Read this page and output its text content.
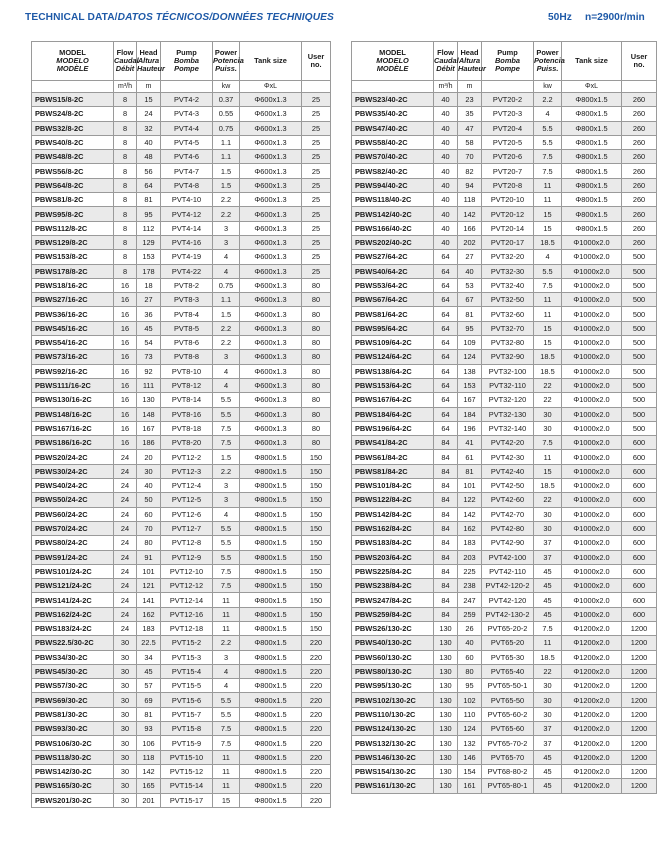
TECHNICAL DATA/DATOS TÉCNICOS/DONNÉES TECHNIQUES	50Hz n=2900r/min
MODEL
MODELO
MODÈLE	Flow
Caudal
Débit	Head
Altura
Hauteur	Pump
Bomba
Pompe	Power
Potencia
Puiss.	Tank size	User
no.

	m³/h	m		kw	ΦxL	
PBWS15/8-2C	8	15	PVT4-2	0.37	Φ600x1.3	25
PBWS24/8-2C	8	24	PVT4-3	0.55	Φ600x1.3	25
PBWS32/8-2C	8	32	PVT4-4	0.75	Φ600x1.3	25
PBWS40/8-2C	8	40	PVT4-5	1.1	Φ600x1.3	25
PBWS48/8-2C	8	48	PVT4-6	1.1	Φ600x1.3	25
PBWS56/8-2C	8	56	PVT4-7	1.5	Φ600x1.3	25
PBWS64/8-2C	8	64	PVT4-8	1.5	Φ600x1.3	25
PBWS81/8-2C	8	81	PVT4-10	2.2	Φ600x1.3	25
PBWS95/8-2C	8	95	PVT4-12	2.2	Φ600x1.3	25
PBWS112/8-2C	8	112	PVT4-14	3	Φ600x1.3	25
PBWS129/8-2C	8	129	PVT4-16	3	Φ600x1.3	25
PBWS153/8-2C	8	153	PVT4-19	4	Φ600x1.3	25
PBWS178/8-2C	8	178	PVT4-22	4	Φ600x1.3	25
PBWS18/16-2C	16	18	PVT8-2	0.75	Φ600x1.3	80
PBWS27/16-2C	16	27	PVT8-3	1.1	Φ600x1.3	80
PBWS36/16-2C	16	36	PVT8-4	1.5	Φ600x1.3	80
PBWS45/16-2C	16	45	PVT8-5	2.2	Φ600x1.3	80
PBWS54/16-2C	16	54	PVT8-6	2.2	Φ600x1.3	80
PBWS73/16-2C	16	73	PVT8-8	3	Φ600x1.3	80
PBWS92/16-2C	16	92	PVT8-10	4	Φ600x1.3	80
PBWS111/16-2C	16	111	PVT8-12	4	Φ600x1.3	80
PBWS130/16-2C	16	130	PVT8-14	5.5	Φ600x1.3	80
PBWS148/16-2C	16	148	PVT8-16	5.5	Φ600x1.3	80
PBWS167/16-2C	16	167	PVT8-18	7.5	Φ600x1.3	80
PBWS186/16-2C	16	186	PVT8-20	7.5	Φ600x1.3	80
PBWS20/24-2C	24	20	PVT12-2	1.5	Φ800x1.5	150
PBWS30/24-2C	24	30	PVT12-3	2.2	Φ800x1.5	150
PBWS40/24-2C	24	40	PVT12-4	3	Φ800x1.5	150
PBWS50/24-2C	24	50	PVT12-5	3	Φ800x1.5	150
PBWS60/24-2C	24	60	PVT12-6	4	Φ800x1.5	150
PBWS70/24-2C	24	70	PVT12-7	5.5	Φ800x1.5	150
PBWS80/24-2C	24	80	PVT12-8	5.5	Φ800x1.5	150
PBWS91/24-2C	24	91	PVT12-9	5.5	Φ800x1.5	150
PBWS101/24-2C	24	101	PVT12-10	7.5	Φ800x1.5	150
PBWS121/24-2C	24	121	PVT12-12	7.5	Φ800x1.5	150
PBWS141/24-2C	24	141	PVT12-14	11	Φ800x1.5	150
PBWS162/24-2C	24	162	PVT12-16	11	Φ800x1.5	150
PBWS183/24-2C	24	183	PVT12-18	11	Φ800x1.5	150
PBWS22.5/30-2C	30	22.5	PVT15-2	2.2	Φ800x1.5	220
PBWS34/30-2C	30	34	PVT15-3	3	Φ800x1.5	220
PBWS45/30-2C	30	45	PVT15-4	4	Φ800x1.5	220
PBWS57/30-2C	30	57	PVT15-5	4	Φ800x1.5	220
PBWS69/30-2C	30	69	PVT15-6	5.5	Φ800x1.5	220
PBWS81/30-2C	30	81	PVT15-7	5.5	Φ800x1.5	220
PBWS93/30-2C	30	93	PVT15-8	7.5	Φ800x1.5	220
PBWS106/30-2C	30	106	PVT15-9	7.5	Φ800x1.5	220
PBWS118/30-2C	30	118	PVT15-10	11	Φ800x1.5	220
PBWS142/30-2C	30	142	PVT15-12	11	Φ800x1.5	220
PBWS165/30-2C	30	165	PVT15-14	11	Φ800x1.5	220
PBWS201/30-2C	30	201	PVT15-17	15	Φ800x1.5	220
MODEL
MODELO
MODÈLE	Flow
Caudal
Débit	Head
Altura
Hauteur	Pump
Bomba
Pompe	Power
Potencia
Puiss.	Tank size	User
no.

	m³/h	m		kw	ΦxL	
PBWS23/40-2C	40	23	PVT20-2	2.2	Φ800x1.5	260
PBWS35/40-2C	40	35	PVT20-3	4	Φ800x1.5	260
PBWS47/40-2C	40	47	PVT20-4	5.5	Φ800x1.5	260
PBWS58/40-2C	40	58	PVT20-5	5.5	Φ800x1.5	260
PBWS70/40-2C	40	70	PVT20-6	7.5	Φ800x1.5	260
PBWS82/40-2C	40	82	PVT20-7	7.5	Φ800x1.5	260
PBWS94/40-2C	40	94	PVT20-8	11	Φ800x1.5	260
PBWS118/40-2C	40	118	PVT20-10	11	Φ800x1.5	260
PBWS142/40-2C	40	142	PVT20-12	15	Φ800x1.5	260
PBWS166/40-2C	40	166	PVT20-14	15	Φ800x1.5	260
PBWS202/40-2C	40	202	PVT20-17	18.5	Φ1000x2.0	260
PBWS27/64-2C	64	27	PVT32-20	4	Φ1000x2.0	500
PBWS40/64-2C	64	40	PVT32-30	5.5	Φ1000x2.0	500
PBWS53/64-2C	64	53	PVT32-40	7.5	Φ1000x2.0	500
PBWS67/64-2C	64	67	PVT32-50	11	Φ1000x2.0	500
PBWS81/64-2C	64	81	PVT32-60	11	Φ1000x2.0	500
PBWS95/64-2C	64	95	PVT32-70	15	Φ1000x2.0	500
PBWS109/64-2C	64	109	PVT32-80	15	Φ1000x2.0	500
PBWS124/64-2C	64	124	PVT32-90	18.5	Φ1000x2.0	500
PBWS138/64-2C	64	138	PVT32-100	18.5	Φ1000x2.0	500
PBWS153/64-2C	64	153	PVT32-110	22	Φ1000x2.0	500
PBWS167/64-2C	64	167	PVT32-120	22	Φ1000x2.0	500
PBWS184/64-2C	64	184	PVT32-130	30	Φ1000x2.0	500
PBWS196/64-2C	64	196	PVT32-140	30	Φ1000x2.0	500
PBWS41/84-2C	84	41	PVT42-20	7.5	Φ1000x2.0	600
PBWS61/84-2C	84	61	PVT42-30	11	Φ1000x2.0	600
PBWS81/84-2C	84	81	PVT42-40	15	Φ1000x2.0	600
PBWS101/84-2C	84	101	PVT42-50	18.5	Φ1000x2.0	600
PBWS122/84-2C	84	122	PVT42-60	22	Φ1000x2.0	600
PBWS142/84-2C	84	142	PVT42-70	30	Φ1000x2.0	600
PBWS162/84-2C	84	162	PVT42-80	30	Φ1000x2.0	600
PBWS183/84-2C	84	183	PVT42-90	37	Φ1000x2.0	600
PBWS203/64-2C	84	203	PVT42-100	37	Φ1000x2.0	600
PBWS225/84-2C	84	225	PVT42-110	45	Φ1000x2.0	600
PBWS238/84-2C	84	238	PVT42-120-2	45	Φ1000x2.0	600
PBWS247/84-2C	84	247	PVT42-120	45	Φ1000x2.0	600
PBWS259/84-2C	84	259	PVT42-130-2	45	Φ1000x2.0	600
PBWS26/130-2C	130	26	PVT65-20-2	7.5	Φ1200x2.0	1200
PBWS40/130-2C	130	40	PVT65-20	11	Φ1200x2.0	1200
PBWS60/130-2C	130	60	PVT65-30	18.5	Φ1200x2.0	1200
PBWS80/130-2C	130	80	PVT65-40	22	Φ1200x2.0	1200
PBWS95/130-2C	130	95	PVT65-50-1	30	Φ1200x2.0	1200
PBWS102/130-2C	130	102	PVT65-50	30	Φ1200x2.0	1200
PBWS110/130-2C	130	110	PVT65-60-2	30	Φ1200x2.0	1200
PBWS124/130-2C	130	124	PVT65-60	37	Φ1200x2.0	1200
PBWS132/130-2C	130	132	PVT65-70-2	37	Φ1200x2.0	1200
PBWS146/130-2C	130	146	PVT65-70	45	Φ1200x2.0	1200
PBWS154/130-2C	130	154	PVT68-80-2	45	Φ1200x2.0	1200
PBWS161/130-2C	130	161	PVT65-80-1	45	Φ1200x2.0	1200
